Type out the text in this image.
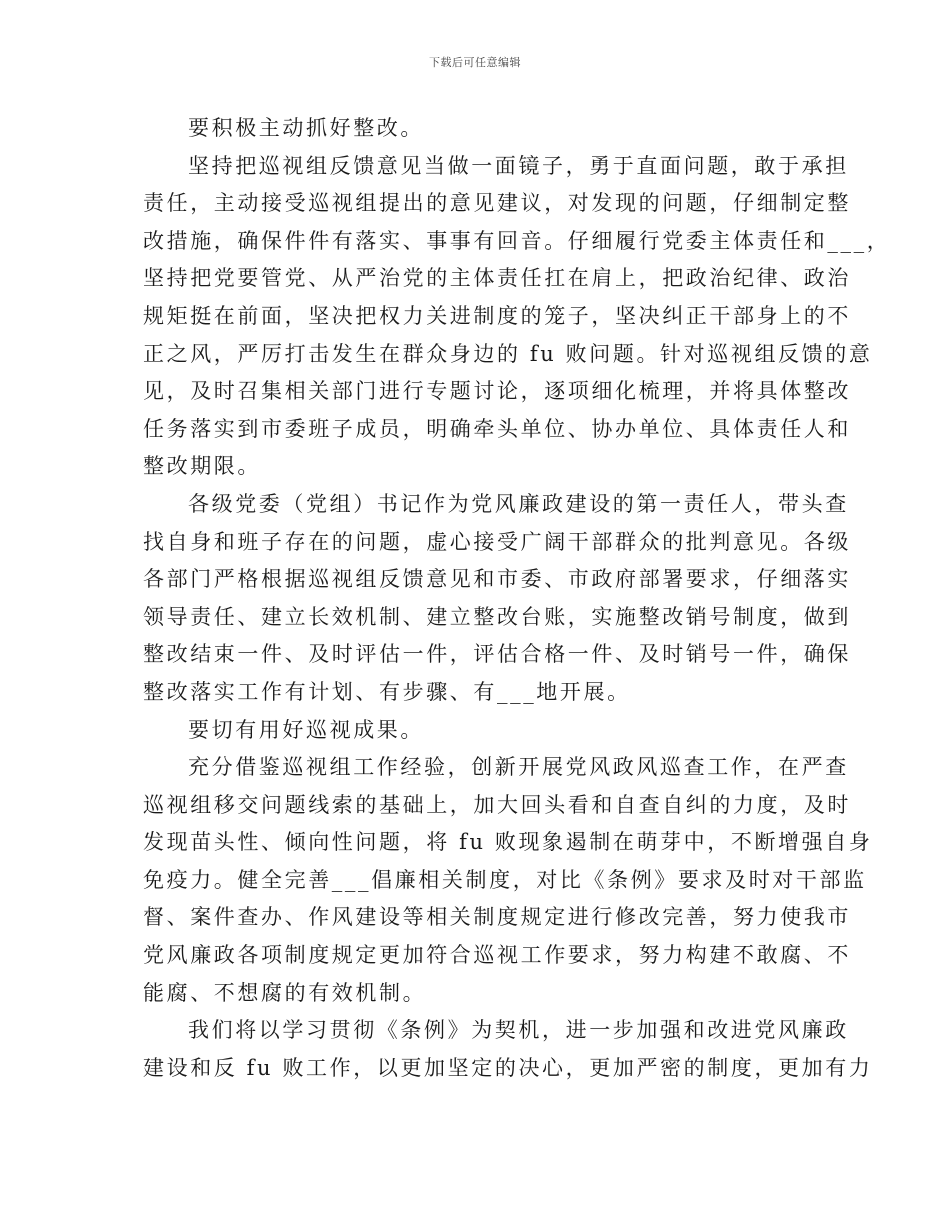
下载后可任意编辑
要积极主动抓好整改。
坚持把巡视组反馈意见当做一面镜子，勇于直面问题，敢于承担
责任，主动接受巡视组提出的意见建议，对发现的问题，仔细制定整
改措施，确保件件有落实、事事有回音。仔细履行党委主体责任和___，
坚持把党要管党、从严治党的主体责任扛在肩上，把政治纪律、政治
规矩挺在前面，坚决把权力关进制度的笼子，坚决纠正干部身上的不
正之风，严厉打击发生在群众身边的 fu 败问题。针对巡视组反馈的意
见，及时召集相关部门进行专题讨论，逐项细化梳理，并将具体整改
任务落实到市委班子成员，明确牵头单位、协办单位、具体责任人和
整改期限。
各级党委（党组）书记作为党风廉政建设的第一责任人，带头查
找自身和班子存在的问题，虚心接受广阔干部群众的批判意见。各级
各部门严格根据巡视组反馈意见和市委、市政府部署要求，仔细落实
领导责任、建立长效机制、建立整改台账，实施整改销号制度，做到
整改结束一件、及时评估一件，评估合格一件、及时销号一件，确保
整改落实工作有计划、有步骤、有___地开展。
要切有用好巡视成果。
充分借鉴巡视组工作经验，创新开展党风政风巡查工作，在严查
巡视组移交问题线索的基础上，加大回头看和自查自纠的力度，及时
发现苗头性、倾向性问题，将 fu 败现象遏制在萌芽中，不断增强自身
免疫力。健全完善___倡廉相关制度，对比《条例》要求及时对干部监
督、案件查办、作风建设等相关制度规定进行修改完善，努力使我市
党风廉政各项制度规定更加符合巡视工作要求，努力构建不敢腐、不
能腐、不想腐的有效机制。
我们将以学习贯彻《条例》为契机，进一步加强和改进党风廉政
建设和反 fu 败工作，以更加坚定的决心，更加严密的制度，更加有力
